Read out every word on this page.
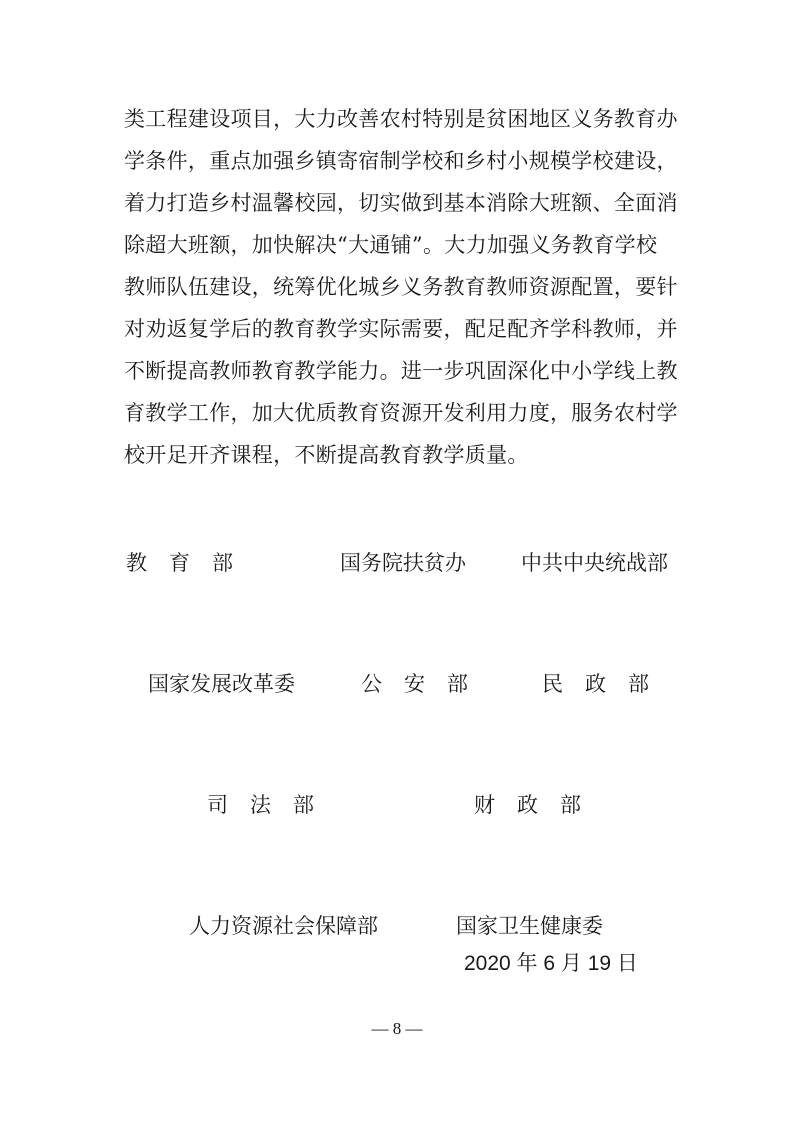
类工程建设项目，大力改善农村特别是贫困地区义务教育办
学条件，重点加强乡镇寄宿制学校和乡村小规模学校建设，
着力打造乡村温馨校园，切实做到基本消除大班额、全面消
除超大班额，加快解决“大通铺”。大力加强义务教育学校
教师队伍建设，统筹优化城乡义务教育教师资源配置，要针
对劝返复学后的教育教学实际需要，配足配齐学科教师，并
不断提高教师教育教学能力。进一步巩固深化中小学线上教
育教学工作，加大优质教育资源开发利用力度，服务农村学
校开足开齐课程，不断提高教育教学质量。
教育部	国务院扶贫办	中共中央统战部
国家发展改革委	公安部 民政部
司法部	财政部
人力资源社会保障部	国家卫生健康委
2020 年 6 月 19 日
— 8 —
